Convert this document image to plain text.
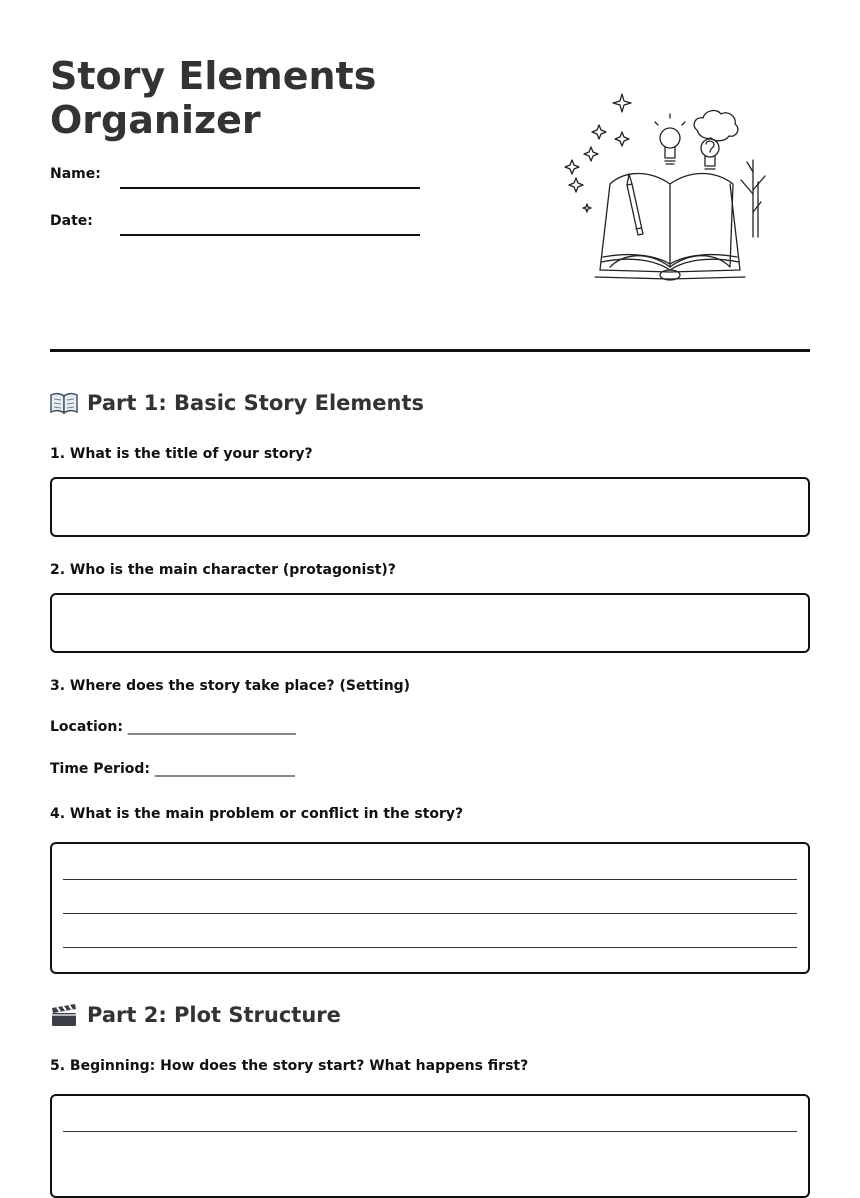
Story Elements Organizer
Name:
Date:
Part 1: Basic Story Elements

1. What is the title of your story?

2. Who is the main character (protagonist)?

3. Where does the story take place? (Setting)

Location: ________________________
Time Period: ____________________

4. What is the main problem or conflict in the story?

Part 2: Plot Structure

5. Beginning: How does the story start? What happens first?
